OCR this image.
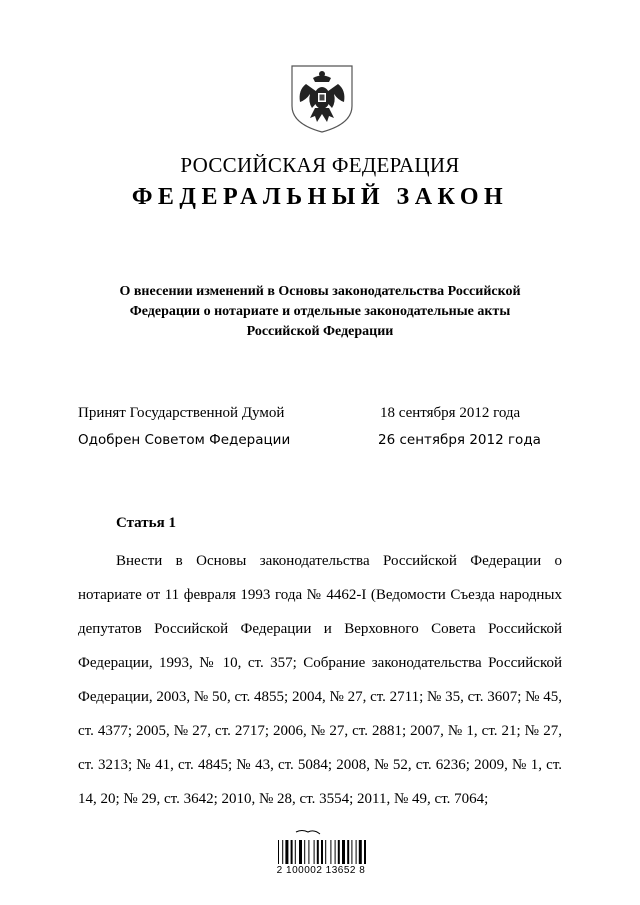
РОССИЙСКАЯ ФЕДЕРАЦИЯ
ФЕДЕРАЛЬНЫЙ ЗАКОН
О внесении изменений в Основы законодательства Российской Федерации о нотариате и отдельные законодательные акты Российской Федерации
Принят Государственной Думой	18 сентября 2012 года
Одобрен Советом Федерации	26 сентября 2012 года
Статья 1
Внести в Основы законодательства Российской Федерации о нотариате от 11 февраля 1993 года № 4462-I (Ведомости Съезда народных депутатов Российской Федерации и Верховного Совета Российской Федерации, 1993, № 10, ст. 357; Собрание законодательства Российской Федерации, 2003, № 50, ст. 4855; 2004, № 27, ст. 2711; № 35, ст. 3607; № 45, ст. 4377; 2005, № 27, ст. 2717; 2006, № 27, ст. 2881; 2007, № 1, ст. 21; № 27, ст. 3213; № 41, ст. 4845; № 43, ст. 5084; 2008, № 52, ст. 6236; 2009, № 1, ст. 14, 20; № 29, ст. 3642; 2010, № 28, ст. 3554; 2011, № 49, ст. 7064;
2 100002 13652 8
